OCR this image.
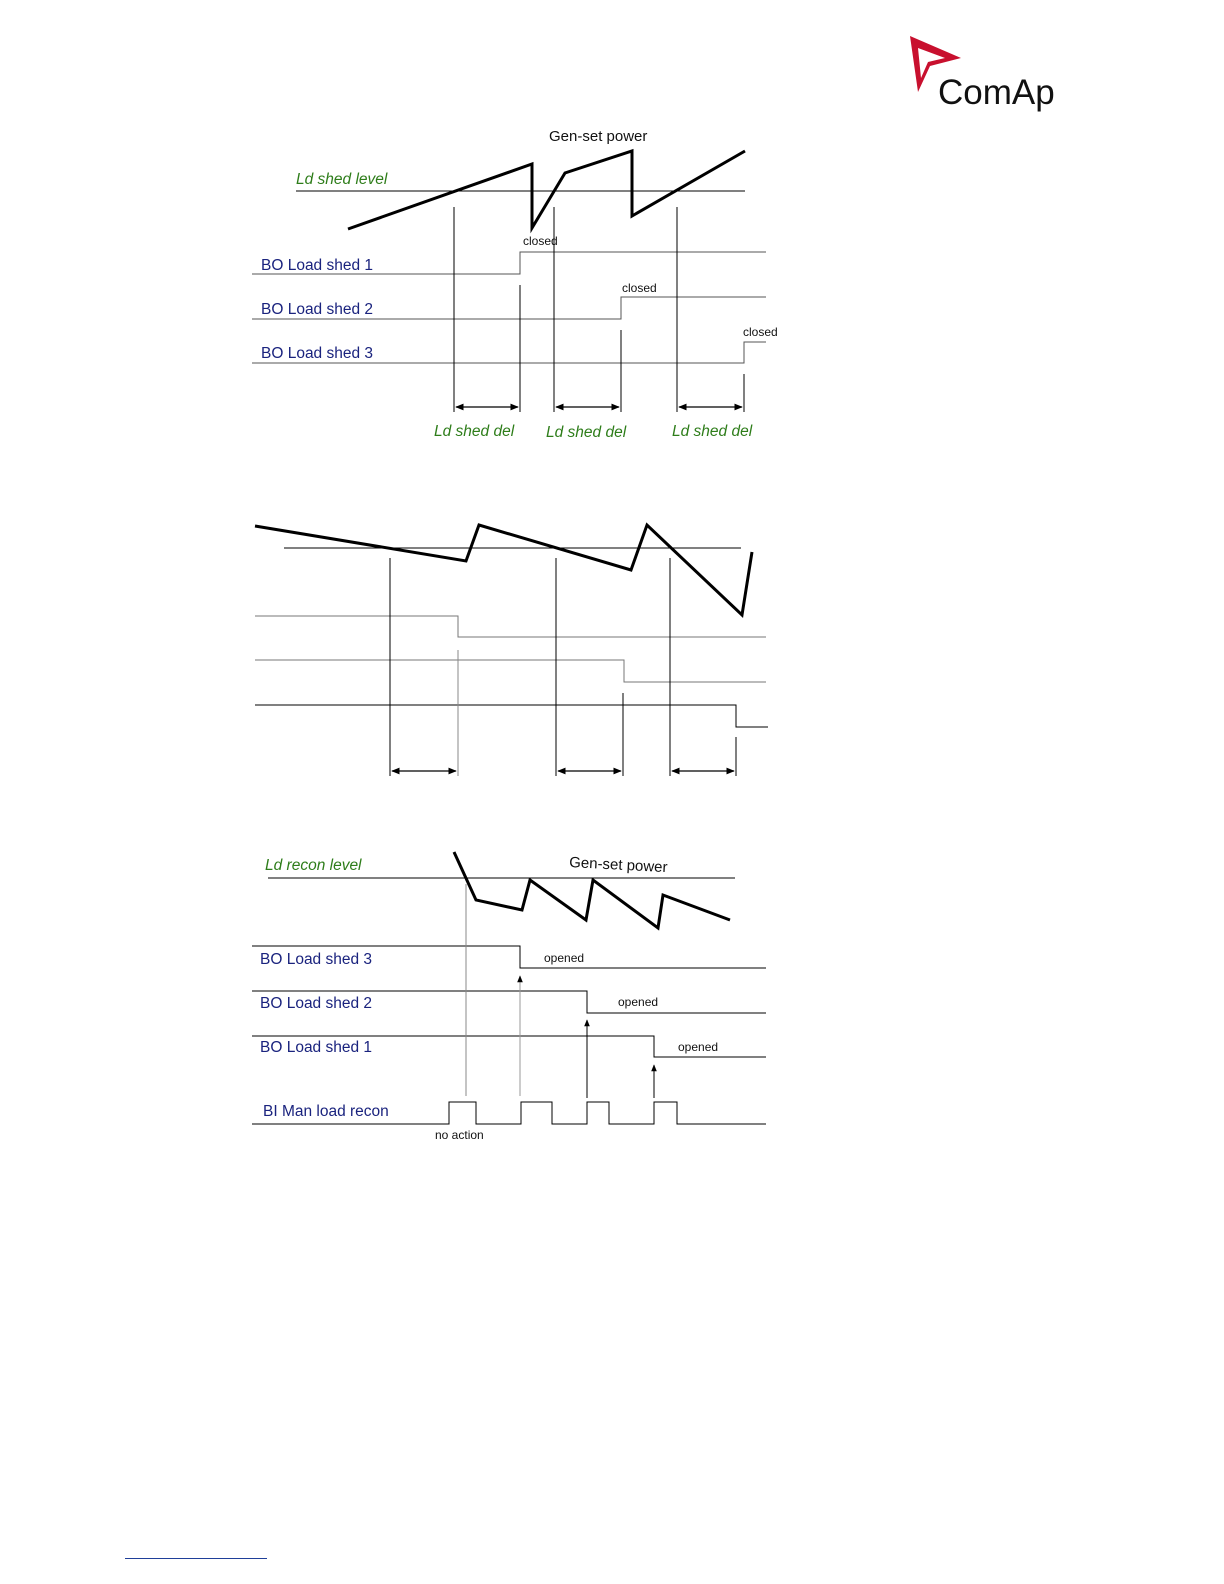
ComAp
Gen-set power
Ld shed level
BO Load shed 1
BO Load shed 2
BO Load shed 3
closed
closed
closed
Ld shed del Ld shed del	Ld shed del
Ld recon level	Gen-set power
BO Load shed 3
BO Load shed 2
BO Load shed 1
opened
opened
opened
BI Man load recon
no action
